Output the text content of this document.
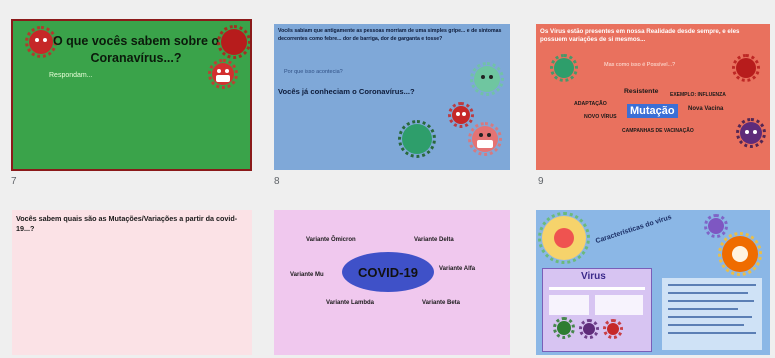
O que vocês sabem sobre o Coranavírus...?
Respondam...
7
Vocês sabiam que antigamente as pessoas morriam de uma simples gripe... e de sintomas decorrentes como febre... dor de barriga, dor de garganta e tosse?
Por que isso acontecia?
Vocês já conheciam o Coronavírus...?
8
Os Vírus estão presentes em nossa Realidade desde sempre, e eles possuem variações de si mesmos...
Mas como isso é Possível...?
Resistente EXEMPLO: INFLUENZA
ADAPTAÇÃO
Mutação	Nova Vacina
NOVO VÍRUS
CAMPANHAS DE VACINAÇÃO
9
Vocês sabem quais são as Mutações/Variações a partir da covid-19...?
Variante Ômicron	Variante Delta
COVID-19
Variante Mu
Variante Alfa
Variante Lambda	Variante Beta
Características do vírus
Virus
